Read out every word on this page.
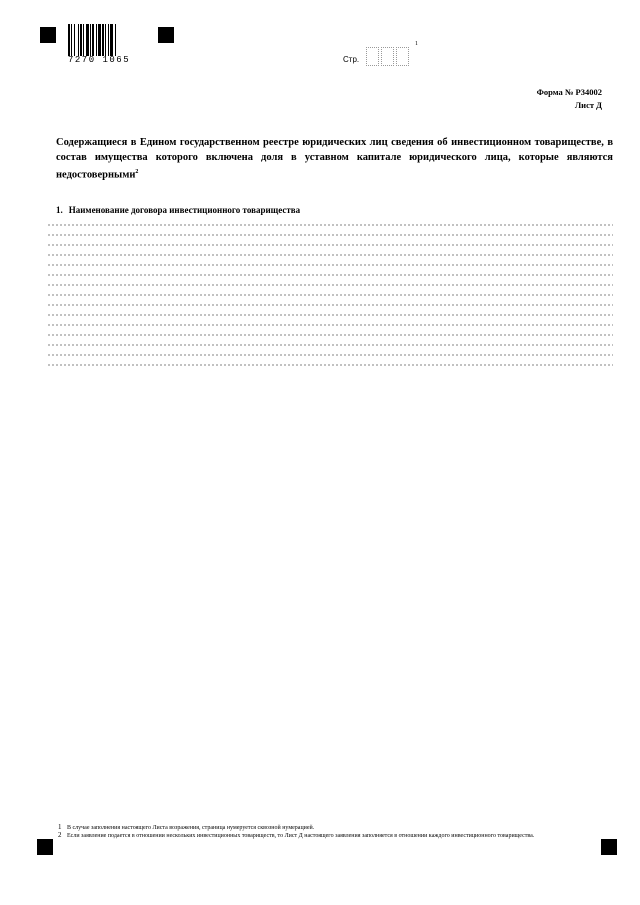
7270 1065	Стр.
1
Форма № Р34002
Лист Д
Содержащиеся в Едином государственном реестре юридических лиц сведения об инвестиционном товариществе, в состав имущества которого включена доля в уставном капитале юридического лица, которые являются недостоверными$^2$
1. Наименование договора инвестиционного товарищества
1 В случае заполнения настоящего Листа возражения, страница нумеруется сквозной нумерацией.
2 Если заявление подается в отношении нескольких инвестиционных товариществ, то Лист Д настоящего заявления заполняется в отношении каждого инвестиционного товарищества.
